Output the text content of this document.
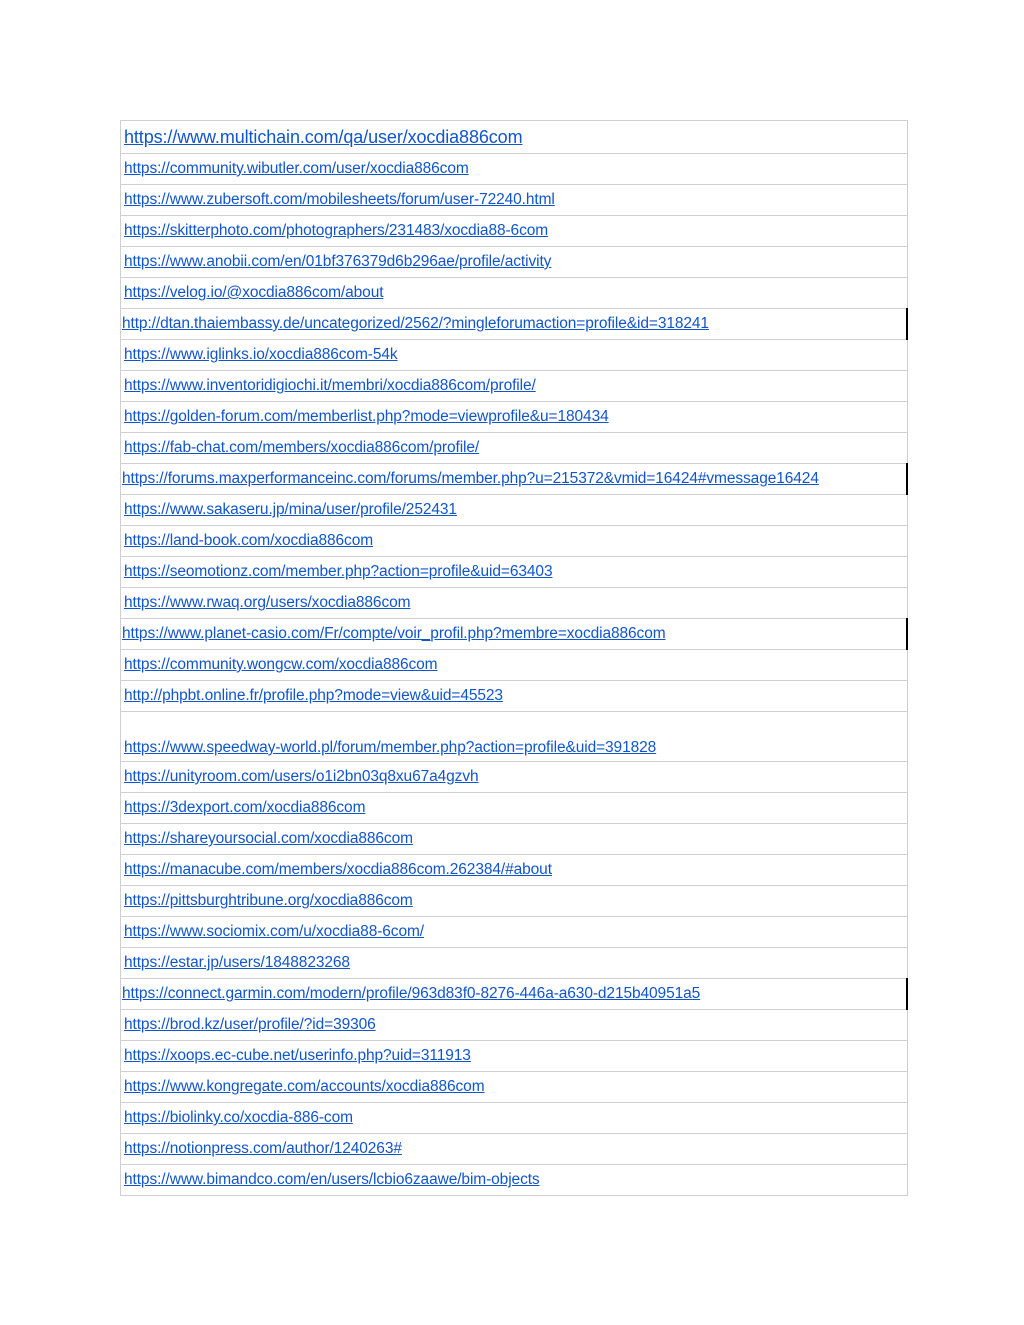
https://www.multichain.com/qa/user/xocdia886com
https://community.wibutler.com/user/xocdia886com
https://www.zubersoft.com/mobilesheets/forum/user-72240.html
https://skitterphoto.com/photographers/231483/xocdia88-6com
https://www.anobii.com/en/01bf376379d6b296ae/profile/activity
https://velog.io/@xocdia886com/about
http://dtan.thaiembassy.de/uncategorized/2562/?mingleforumaction=profile&id=318241
https://www.iglinks.io/xocdia886com-54k
https://www.inventoridigiochi.it/membri/xocdia886com/profile/
https://golden-forum.com/memberlist.php?mode=viewprofile&u=180434
https://fab-chat.com/members/xocdia886com/profile/
https://forums.maxperformanceinc.com/forums/member.php?u=215372&vmid=16424#vmessage16424
https://www.sakaseru.jp/mina/user/profile/252431
https://land-book.com/xocdia886com
https://seomotionz.com/member.php?action=profile&uid=63403
https://www.rwaq.org/users/xocdia886com
https://www.planet-casio.com/Fr/compte/voir_profil.php?membre=xocdia886com
https://community.wongcw.com/xocdia886com
http://phpbt.online.fr/profile.php?mode=view&uid=45523
https://www.speedway-world.pl/forum/member.php?action=profile&uid=391828
https://unityroom.com/users/o1i2bn03q8xu67a4gzvh
https://3dexport.com/xocdia886com
https://shareyoursocial.com/xocdia886com
https://manacube.com/members/xocdia886com.262384/#about
https://pittsburghtribune.org/xocdia886com
https://www.sociomix.com/u/xocdia88-6com/
https://estar.jp/users/1848823268
https://connect.garmin.com/modern/profile/963d83f0-8276-446a-a630-d215b40951a5
https://brod.kz/user/profile/?id=39306
https://xoops.ec-cube.net/userinfo.php?uid=311913
https://www.kongregate.com/accounts/xocdia886com
https://biolinky.co/xocdia-886-com
https://notionpress.com/author/1240263#
https://www.bimandco.com/en/users/lcbio6zaawe/bim-objects
